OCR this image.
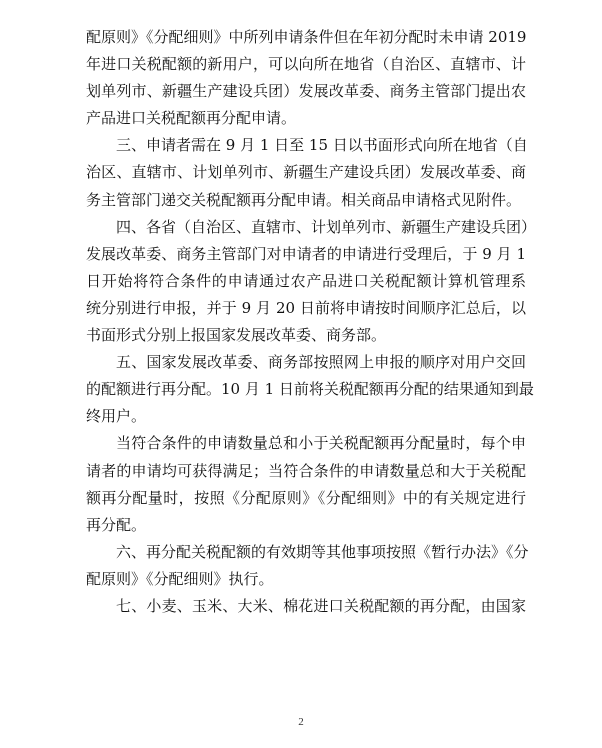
配原则》《分配细则》中所列申请条件但在年初分配时未申请 2019
年进口关税配额的新用户，可以向所在地省（自治区、直辖市、计
划单列市、新疆生产建设兵团）发展改革委、商务主管部门提出农
产品进口关税配额再分配申请。
三、申请者需在 9 月 1 日至 15 日以书面形式向所在地省（自
治区、直辖市、计划单列市、新疆生产建设兵团）发展改革委、商
务主管部门递交关税配额再分配申请。相关商品申请格式见附件。
四、各省（自治区、直辖市、计划单列市、新疆生产建设兵团）
发展改革委、商务主管部门对申请者的申请进行受理后，于 9 月 1
日开始将符合条件的申请通过农产品进口关税配额计算机管理系
统分别进行申报，并于 9 月 20 日前将申请按时间顺序汇总后，以
书面形式分别上报国家发展改革委、商务部。
五、国家发展改革委、商务部按照网上申报的顺序对用户交回
的配额进行再分配。10 月 1 日前将关税配额再分配的结果通知到最
终用户。
当符合条件的申请数量总和小于关税配额再分配量时，每个申
请者的申请均可获得满足；当符合条件的申请数量总和大于关税配
额再分配量时，按照《分配原则》《分配细则》中的有关规定进行
再分配。
六、再分配关税配额的有效期等其他事项按照《暂行办法》《分
配原则》《分配细则》执行。
七、小麦、玉米、大米、棉花进口关税配额的再分配，由国家
2
